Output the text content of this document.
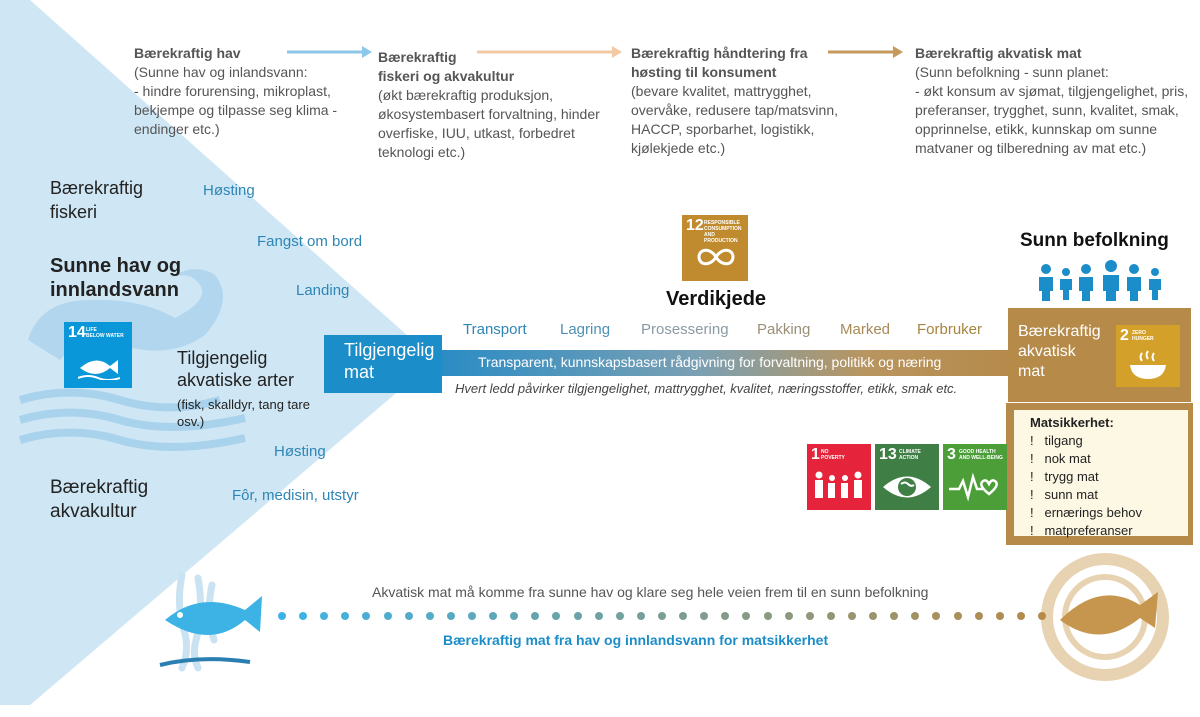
Bærekraftig hav
(Sunne hav og inlandsvann:
- hindre forurensing, mikroplast,
bekjempe og tilpasse seg klima -
endinger etc.)
Bærekraftig
fiskeri og akvakultur
(økt bærekraftig produksjon,
økosystembasert forvaltning, hinder
overfiske, IUU, utkast, forbedret
teknologi etc.)
Bærekraftig håndtering fra
høsting til konsument
(bevare kvalitet, mattrygghet,
overvåke, redusere tap/matsvinn,
HACCP, sporbarhet, logistikk,
kjølekjede etc.)
Bærekraftig akvatisk mat
(Sunn befolkning - sunn planet:
- økt konsum av sjømat, tilgjengelighet, pris,
preferanser, trygghet, sunn, kvalitet, smak,
opprinnelse, etikk, kunnskap om sunne
matvaner og tilberedning av mat etc.)
Bærekraftig
fiskeri
Sunne hav og
innlandsvann
Tilgjengelig
akvatiske arter
(fisk, skalldyr, tang tare
osv.)
Bærekraftig
akvakultur
Høsting
Fangst om bord
Landing
Høsting
Fôr, medisin, utstyr
14 LIFE
BELOW WATER
12 RESPONSIBLE
CONSUMPTION
AND PRODUCTION
Verdikjede
Transport Lagring Prosessering Pakking Marked Forbruker
Transparent, kunnskapsbasert rådgivning for forvaltning, politikk og næring
Tilgjengelig
mat
Hvert ledd påvirker tilgjengelighet, mattrygghet, kvalitet, næringsstoffer, etikk, smak etc.
Sunn befolkning
Bærekraftig
akvatisk
mat
2 ZERO
HUNGER
Matsikkerhet:
! tilgang
! nok mat
! trygg mat
! sunn mat
! ernærings behov
! matpreferanser
1 NO
POVERTY 13 CLIMATE
ACTION 3 GOOD HEALTH
AND WELL-BEING
Akvatisk mat må komme fra sunne hav og klare seg hele veien frem til en sunn befolkning
Bærekraftig mat fra hav og innlandsvann for matsikkerhet
